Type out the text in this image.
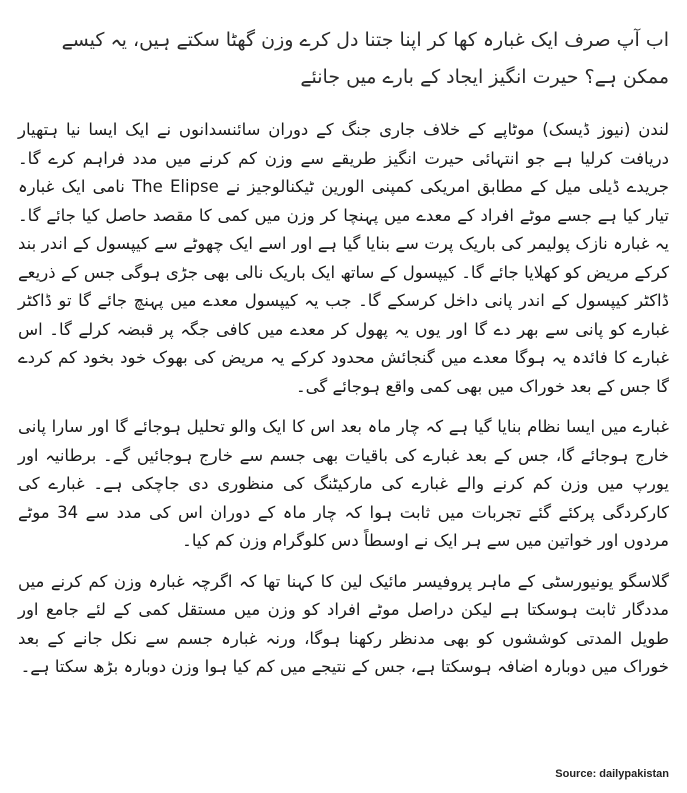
اب آپ صرف ایک غبارہ کھا کر اپنا جتنا دل کرے وزن گھٹا سکتے ہیں، یہ کیسے ممکن ہے؟ حیرت انگیز ایجاد کے بارے میں جانئے

لندن (نیوز ڈیسک) موٹاپے کے خلاف جاری جنگ کے دوران سائنسدانوں نے ایک ایسا نیا ہتھیار دریافت کرلیا ہے جو انتہائی حیرت انگیز طریقے سے وزن کم کرنے میں مدد فراہم کرے گا۔ جریدے ڈیلی میل کے مطابق امریکی کمپنی الورین ٹیکنالوجیز نے The Elipse نامی ایک غبارہ تیار کیا ہے جسے موٹے افراد کے معدے میں پہنچا کر وزن میں کمی کا مقصد حاصل کیا جائے گا۔ یہ غبارہ نازک پولیمر کی باریک پرت سے بنایا گیا ہے اور اسے ایک چھوٹے سے کیپسول کے اندر بند کرکے مریض کو کھلایا جائے گا۔ کیپسول کے ساتھ ایک باریک نالی بھی جڑی ہوگی جس کے ذریعے ڈاکٹر کیپسول کے اندر پانی داخل کرسکے گا۔ جب یہ کیپسول معدے میں پہنچ جائے گا تو ڈاکٹر غبارے کو پانی سے بھر دے گا اور یوں یہ پھول کر معدے میں کافی جگہ پر قبضہ کرلے گا۔ اس غبارے کا فائدہ یہ ہوگا معدے میں گنجائش محدود کرکے یہ مریض کی بھوک خود بخود کم کردے گا جس کے بعد خوراک میں بھی کمی واقع ہوجائے گی۔

غبارے میں ایسا نظام بنایا گیا ہے کہ چار ماہ بعد اس کا ایک والو تحلیل ہوجائے گا اور سارا پانی خارج ہوجائے گا، جس کے بعد غبارے کی باقیات بھی جسم سے خارج ہوجائیں گے۔ برطانیہ اور یورپ میں وزن کم کرنے والے غبارے کی مارکیٹنگ کی منظوری دی جاچکی ہے۔ غبارے کی کارکردگی پرکئے گئے تجربات میں ثابت ہوا کہ چار ماہ کے دوران اس کی مدد سے 34 موٹے مردوں اور خواتین میں سے ہر ایک نے اوسطاً دس کلوگرام وزن کم کیا۔

گلاسگو یونیورسٹی کے ماہر پروفیسر مائیک لین کا کہنا تھا کہ اگرچہ غبارہ وزن کم کرنے میں مددگار ثابت ہوسکتا ہے لیکن دراصل موٹے افراد کو وزن میں مستقل کمی کے لئے جامع اور طویل المدتی کوششوں کو بھی مدنظر رکھنا ہوگا، ورنہ غبارہ جسم سے نکل جانے کے بعد خوراک میں دوبارہ اضافہ ہوسکتا ہے، جس کے نتیجے میں کم کیا ہوا وزن دوبارہ بڑھ سکتا ہے۔

Source: dailypakistan
